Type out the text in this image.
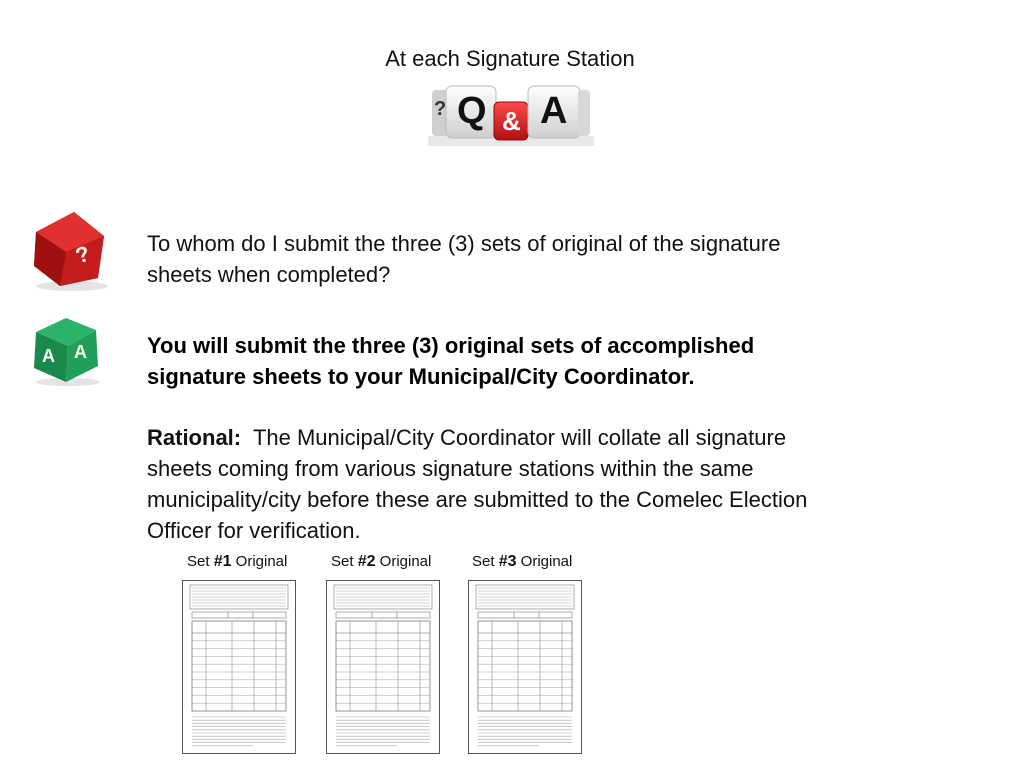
At each Signature Station
? Q & A
? To whom do I submit the three (3) sets of original of the signature sheets when completed?
A A	You will submit the three (3) original sets of accomplished signature sheets to your Municipal/City Coordinator.
Rational: The Municipal/City Coordinator will collate all signature sheets coming from various signature stations within the same municipality/city before these are submitted to the Comelec Election Officer for verification.
Set #1 Original	Set #2 Original	Set #3 Original
